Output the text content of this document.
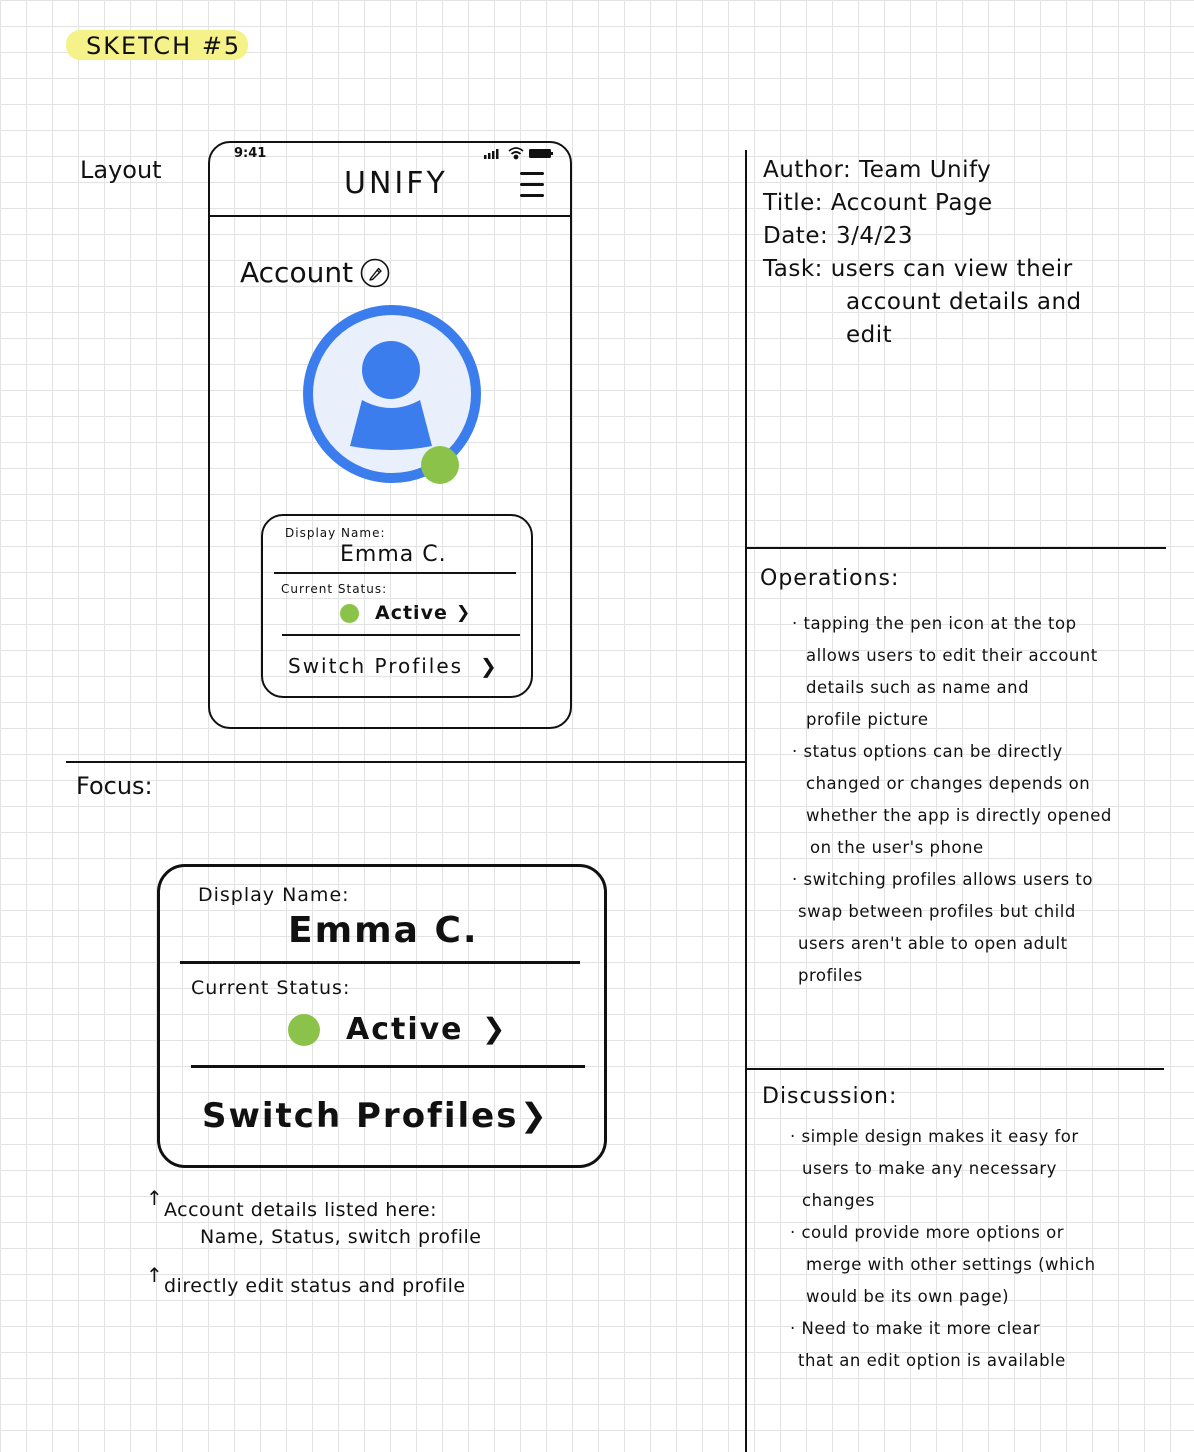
SKETCH #5
Layout
Focus:
9:41
UNIFY
Account
Display Name:
Emma C.
Current Status:
Active ❯
Switch Profiles ❯
Display Name:
Emma C.
Current Status:
Active ❯
Switch Profiles ❯
↑ Account details listed here:
Name, Status, switch profile
↑ directly edit status and profile
Author: Team Unify
Title: Account Page
Date: 3/4/23
Task: users can view their
account details and
edit
Operations:
· tapping the pen icon at the top
allows users to edit their account
details such as name and
profile picture
· status options can be directly
changed or changes depends on
whether the app is directly opened
on the user's phone
· switching profiles allows users to
swap between profiles but child
users aren't able to open adult
profiles
Discussion:
· simple design makes it easy for
users to make any necessary
changes
· could provide more options or
merge with other settings (which
would be its own page)
· Need to make it more clear
that an edit option is available
